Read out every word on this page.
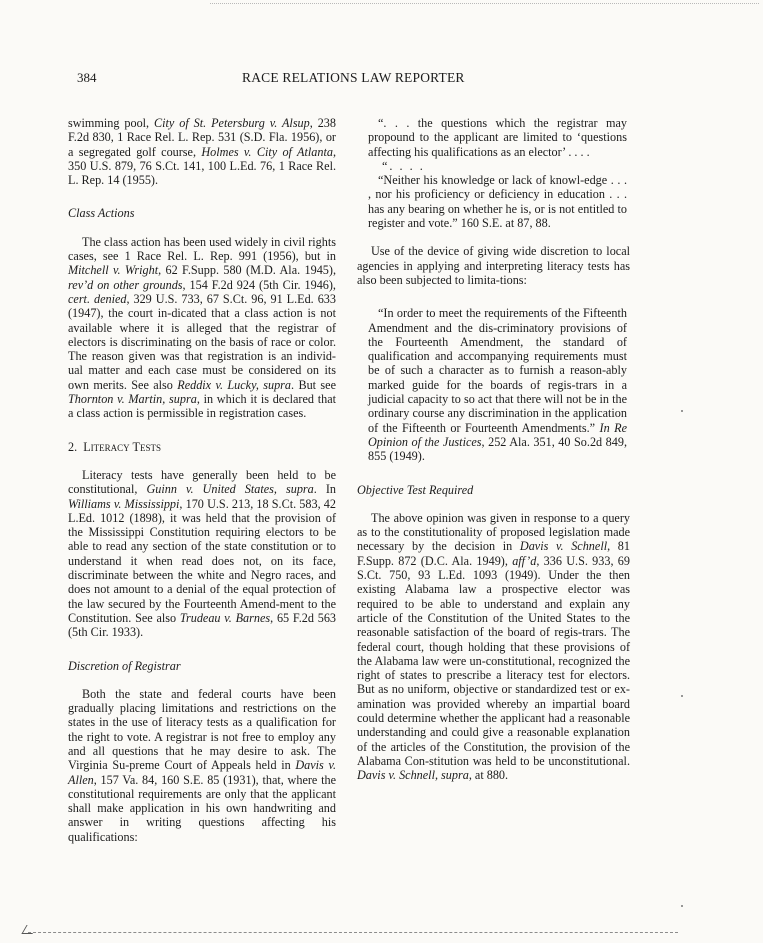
384	RACE RELATIONS LAW REPORTER

swimming pool, City of St. Petersburg v. Alsup, 238 F.2d 830, 1 Race Rel. L. Rep. 531 (S.D. Fla. 1956), or a segregated golf course, Holmes v. City of Atlanta, 350 U.S. 879, 76 S.Ct. 141, 100 L.Ed. 76, 1 Race Rel. L. Rep. 14 (1955).

Class Actions

The class action has been used widely in civil rights cases, see 1 Race Rel. L. Rep. 991 (1956), but in Mitchell v. Wright, 62 F.Supp. 580 (M.D. Ala. 1945), rev’d on other grounds, 154 F.2d 924 (5th Cir. 1946), cert. denied, 329 U.S. 733, 67 S.Ct. 96, 91 L.Ed. 633 (1947), the court in-dicated that a class action is not available where it is alleged that the registrar of electors is discriminating on the basis of race or color. The reason given was that registration is an individ-ual matter and each case must be considered on its own merits. See also Reddix v. Lucky, supra. But see Thornton v. Martin, supra, in which it is declared that a class action is permissible in registration cases.

2. Literacy Tests

Literacy tests have generally been held to be constitutional, Guinn v. United States, supra. In Williams v. Mississippi, 170 U.S. 213, 18 S.Ct. 583, 42 L.Ed. 1012 (1898), it was held that the provision of the Mississippi Constitution requiring electors to be able to read any section of the state constitution or to understand it when read does not, on its face, discriminate between the white and Negro races, and does not amount to a denial of the equal protection of the law secured by the Fourteenth Amend-ment to the Constitution. See also Trudeau v. Barnes, 65 F.2d 563 (5th Cir. 1933).

Discretion of Registrar

Both the state and federal courts have been gradually placing limitations and restrictions on the states in the use of literacy tests as a qualification for the right to vote. A registrar is not free to employ any and all questions that he may desire to ask. The Virginia Su-preme Court of Appeals held in Davis v. Allen, 157 Va. 84, 160 S.E. 85 (1931), that, where the constitutional requirements are only that the applicant shall make application in his own handwriting and answer in writing questions affecting his qualifications:

“. . . the questions which the registrar may propound to the applicant are limited to ‘questions affecting his qualifications as an elector’ . . . .

“. . . .

“Neither his knowledge or lack of knowl-edge . . . , nor his proficiency or deficiency in education . . . has any bearing on whether he is, or is not entitled to register and vote.” 160 S.E. at 87, 88.

Use of the device of giving wide discretion to local agencies in applying and interpreting literacy tests has also been subjected to limita-tions:

“In order to meet the requirements of the Fifteenth Amendment and the dis-criminatory provisions of the Fourteenth Amendment, the standard of qualification and accompanying requirements must be of such a character as to furnish a reason-ably marked guide for the boards of regis-trars in a judicial capacity to so act that there will not be in the ordinary course any discrimination in the application of the Fifteenth or Fourteenth Amendments.” In Re Opinion of the Justices, 252 Ala. 351, 40 So.2d 849, 855 (1949).

Objective Test Required

The above opinion was given in response to a query as to the constitutionality of proposed legislation made necessary by the decision in Davis v. Schnell, 81 F.Supp. 872 (D.C. Ala. 1949), aff’d, 336 U.S. 933, 69 S.Ct. 750, 93 L.Ed. 1093 (1949). Under the then existing Alabama law a prospective elector was required to be able to understand and explain any article of the Constitution of the United States to the reasonable satisfaction of the board of regis-trars. The federal court, though holding that these provisions of the Alabama law were un-constitutional, recognized the right of states to prescribe a literacy test for electors. But as no uniform, objective or standardized test or ex-amination was provided whereby an impartial board could determine whether the applicant had a reasonable understanding and could give a reasonable explanation of the articles of the Constitution, the provision of the Alabama Con-stitution was held to be unconstitutional. Davis v. Schnell, supra, at 880.
